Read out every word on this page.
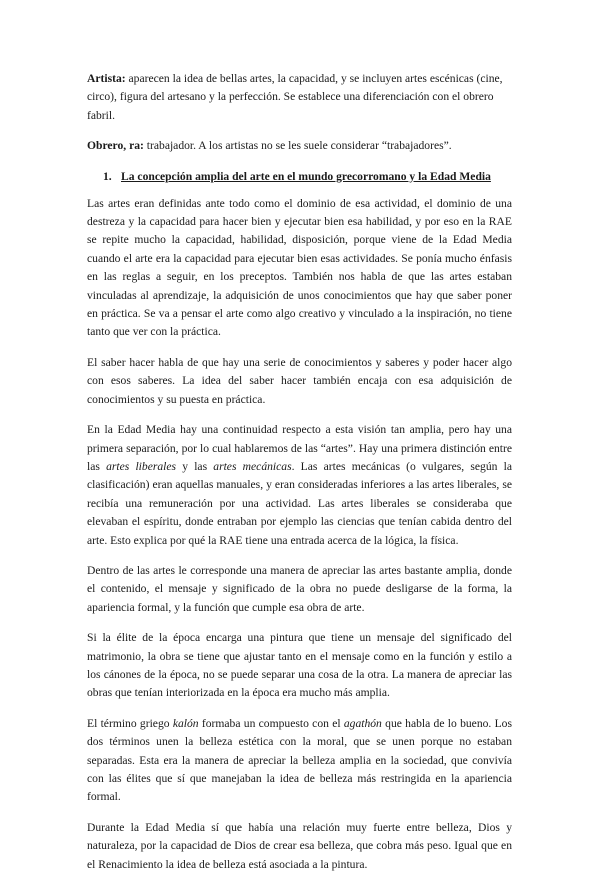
Artista: aparecen la idea de bellas artes, la capacidad, y se incluyen artes escénicas (cine, circo), figura del artesano y la perfección. Se establece una diferenciación con el obrero fabril.

Obrero, ra: trabajador. A los artistas no se les suele considerar “trabajadores”.

1. La concepción amplia del arte en el mundo grecorromano y la Edad Media

Las artes eran definidas ante todo como el dominio de esa actividad, el dominio de una destreza y la capacidad para hacer bien y ejecutar bien esa habilidad, y por eso en la RAE se repite mucho la capacidad, habilidad, disposición, porque viene de la Edad Media cuando el arte era la capacidad para ejecutar bien esas actividades. Se ponía mucho énfasis en las reglas a seguir, en los preceptos. También nos habla de que las artes estaban vinculadas al aprendizaje, la adquisición de unos conocimientos que hay que saber poner en práctica. Se va a pensar el arte como algo creativo y vinculado a la inspiración, no tiene tanto que ver con la práctica.

El saber hacer habla de que hay una serie de conocimientos y saberes y poder hacer algo con esos saberes. La idea del saber hacer también encaja con esa adquisición de conocimientos y su puesta en práctica.

En la Edad Media hay una continuidad respecto a esta visión tan amplia, pero hay una primera separación, por lo cual hablaremos de las “artes”. Hay una primera distinción entre las artes liberales y las artes mecánicas. Las artes mecánicas (o vulgares, según la clasificación) eran aquellas manuales, y eran consideradas inferiores a las artes liberales, se recibía una remuneración por una actividad. Las artes liberales se consideraba que elevaban el espíritu, donde entraban por ejemplo las ciencias que tenían cabida dentro del arte. Esto explica por qué la RAE tiene una entrada acerca de la lógica, la física.

Dentro de las artes le corresponde una manera de apreciar las artes bastante amplia, donde el contenido, el mensaje y significado de la obra no puede desligarse de la forma, la apariencia formal, y la función que cumple esa obra de arte.

Si la élite de la época encarga una pintura que tiene un mensaje del significado del matrimonio, la obra se tiene que ajustar tanto en el mensaje como en la función y estilo a los cánones de la época, no se puede separar una cosa de la otra. La manera de apreciar las obras que tenían interiorizada en la época era mucho más amplia.

El término griego kalón formaba un compuesto con el agathón que habla de lo bueno. Los dos términos unen la belleza estética con la moral, que se unen porque no estaban separadas. Esta era la manera de apreciar la belleza amplia en la sociedad, que convivía con las élites que sí que manejaban la idea de belleza más restringida en la apariencia formal.

Durante la Edad Media sí que había una relación muy fuerte entre belleza, Dios y naturaleza, por la capacidad de Dios de crear esa belleza, que cobra más peso. Igual que en el Renacimiento la idea de belleza está asociada a la pintura.
